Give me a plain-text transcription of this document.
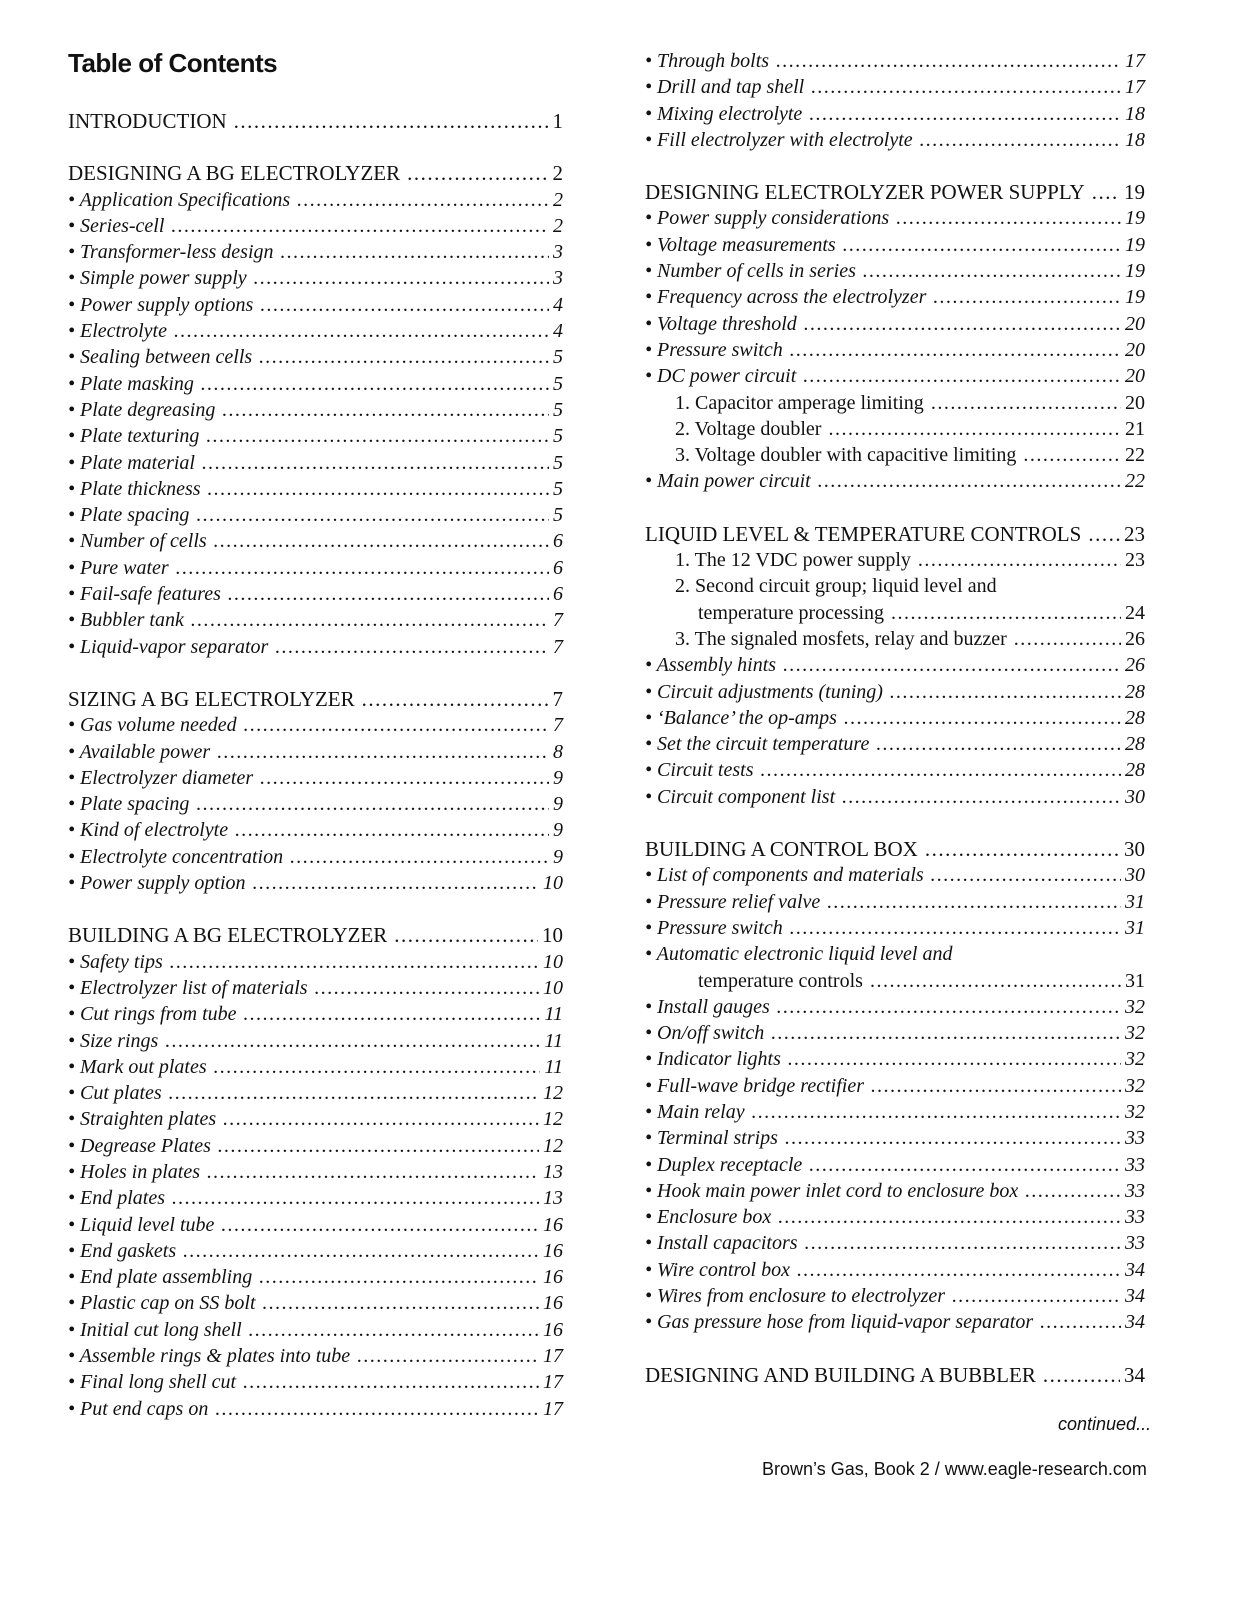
Table of Contents
INTRODUCTION .....	1
DESIGNING A BG ELECTROLYZER .....	2
• Application Specifications .....	2
• Series-cell .....	2
• Transformer-less design .....	3
• Simple power supply .....	3
• Power supply options .....	4
• Electrolyte .....	4
• Sealing between cells .....	5
• Plate masking .....	5
• Plate degreasing .....	5
• Plate texturing .....	5
• Plate material .....	5
• Plate thickness .....	5
• Plate spacing .....	5
• Number of cells .....	6
• Pure water .....	6
• Fail-safe features .....	6
• Bubbler tank .....	7
• Liquid-vapor separator .....	7
SIZING A BG ELECTROLYZER .....	7
• Gas volume needed .....	7
• Available power .....	8
• Electrolyzer diameter .....	9
• Plate spacing .....	9
• Kind of electrolyte .....	9
• Electrolyte concentration .....	9
• Power supply option .....	10
BUILDING A BG ELECTROLYZER .....	10
• Safety tips .....	10
• Electrolyzer list of materials .....	10
• Cut rings from tube .....	11
• Size rings .....	11
• Mark out plates .....	11
• Cut plates .....	12
• Straighten plates .....	12
• Degrease Plates .....	12
• Holes in plates .....	13
• End plates .....	13
• Liquid level tube .....	16
• End gaskets .....	16
• End plate assembling .....	16
• Plastic cap on SS bolt .....	16
• Initial cut long shell .....	16
• Assemble rings & plates into tube .....	17
• Final long shell cut .....	17
• Put end caps on .....	17
• Through bolts .....	17
• Drill and tap shell .....	17
• Mixing electrolyte .....	18
• Fill electrolyzer with electrolyte .....	18
DESIGNING ELECTROLYZER POWER SUPPLY ..... 19
• Power supply considerations .....	19
• Voltage measurements .....	19
• Number of cells in series .....	19
• Frequency across the electrolyzer .....	19
• Voltage threshold .....	20
• Pressure switch .....	20
• DC power circuit .....	20
1. Capacitor amperage limiting .....	20
2. Voltage doubler .....	21
3. Voltage doubler with capacitive limiting .....	22
• Main power circuit .....	22
LIQUID LEVEL & TEMPERATURE CONTROLS ..... 23
1. The 12 VDC power supply .....	23
2. Second circuit group; liquid level and
temperature processing .....	24
3. The signaled mosfets, relay and buzzer .....	26
• Assembly hints .....	26
• Circuit adjustments (tuning) .....	28
• ‘Balance’ the op-amps .....	28
• Set the circuit temperature .....	28
• Circuit tests .....	28
• Circuit component list .....	30
BUILDING A CONTROL BOX .....	30
• List of components and materials .....	30
• Pressure relief valve .....	31
• Pressure switch .....	31
• Automatic electronic liquid level and
temperature controls .....	31
• Install gauges .....	32
• On/off switch .....	32
• Indicator lights .....	32
• Full-wave bridge rectifier .....	32
• Main relay .....	32
• Terminal strips .....	33
• Duplex receptacle .....	33
• Hook main power inlet cord to enclosure box .....	33
• Enclosure box .....	33
• Install capacitors .....	33
• Wire control box .....	34
• Wires from enclosure to electrolyzer .....	34
• Gas pressure hose from liquid-vapor separator .....	34
DESIGNING AND BUILDING A BUBBLER .....	34
continued...
Brown’s Gas, Book 2 / www.eagle-research.com
